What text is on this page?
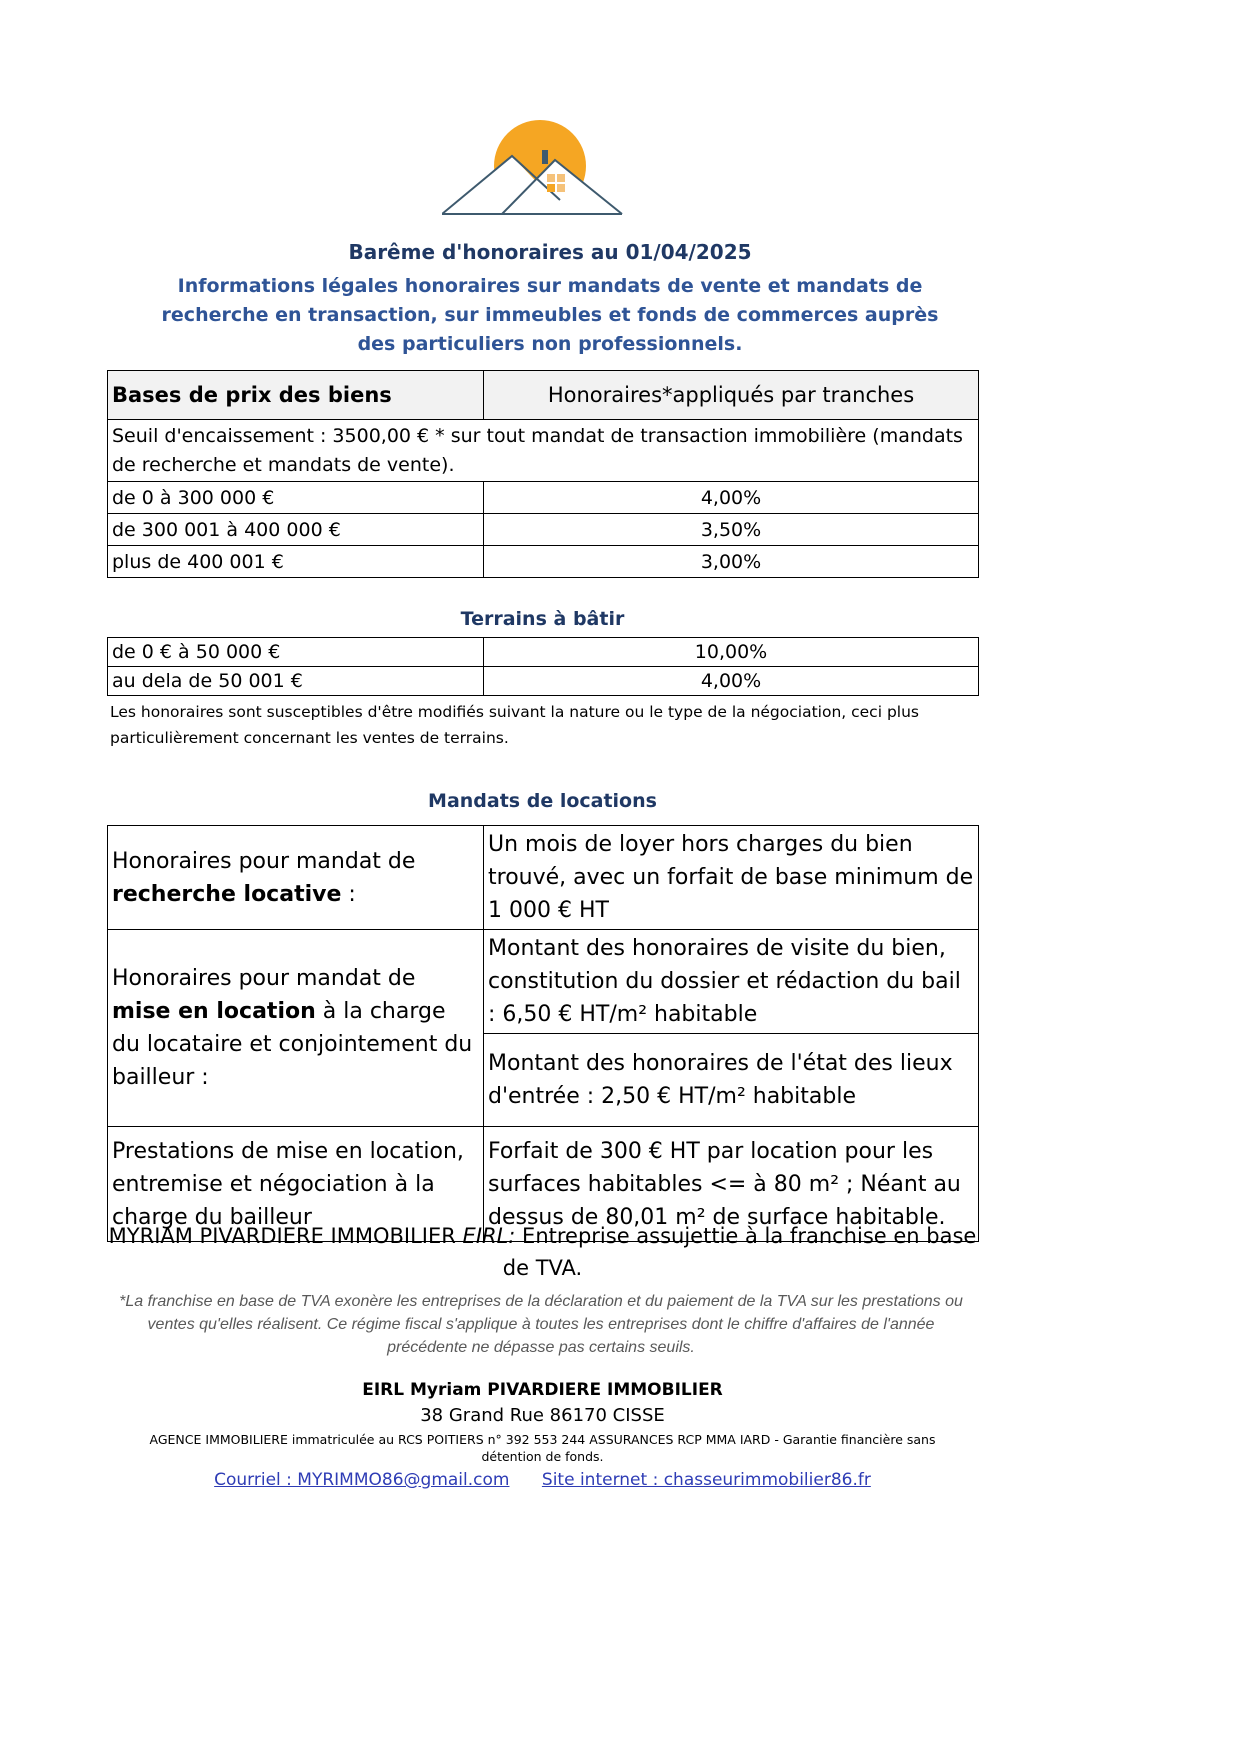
Barême d'honoraires au 01/04/2025
Informations légales honoraires sur mandats de vente et mandats de recherche en transaction, sur immeubles et fonds de commerces auprès des particuliers non professionnels.
Bases de prix des biens	Honoraires*appliqués par tranches
Seuil d'encaissement : 3500,00 € * sur tout mandat de transaction immobilière (mandats de recherche et mandats de vente).	
de 0 à 300 000 €	4,00%
de 300 001 à 400 000 €	3,50%
plus de 400 001 €	3,00%
Terrains à bâtir
de 0 € à 50 000 €	10,00%
au dela de 50 001 €	4,00%
Les honoraires sont susceptibles d'être modifiés suivant la nature ou le type de la négociation, ceci plus particulièrement concernant les ventes de terrains.
Mandats de locations
Honoraires pour mandat de recherche locative :	Un mois de loyer hors charges du bien trouvé, avec un forfait de base minimum de 1 000 € HT
Honoraires pour mandat de mise en location à la charge du locataire et conjointement du bailleur :	Montant des honoraires de visite du bien, constitution du dossier et rédaction du bail : 6,50 € HT/m² habitable
	Montant des honoraires de l'état des lieux d'entrée : 2,50 € HT/m² habitable
Prestations de mise en location, entremise et négociation à la charge du bailleur	Forfait de 300 € HT par location pour les surfaces habitables <= à 80 m² ; Néant au dessus de 80,01 m² de surface habitable.
MYRIAM PIVARDIERE IMMOBILIER EIRL: Entreprise assujettie à la franchise en base de TVA.
*La franchise en base de TVA exonère les entreprises de la déclaration et du paiement de la TVA sur les prestations ou ventes qu'elles réalisent. Ce régime fiscal s'applique à toutes les entreprises dont le chiffre d'affaires de l'année précédente ne dépasse pas certains seuils.
EIRL Myriam PIVARDIERE IMMOBILIER
38 Grand Rue 86170 CISSE
AGENCE IMMOBILIERE immatriculée au RCS POITIERS n° 392 553 244 ASSURANCES RCP MMA IARD - Garantie financière sans détention de fonds.
Courriel : MYRIMMO86@gmail.com Site internet : chasseurimmobilier86.fr
